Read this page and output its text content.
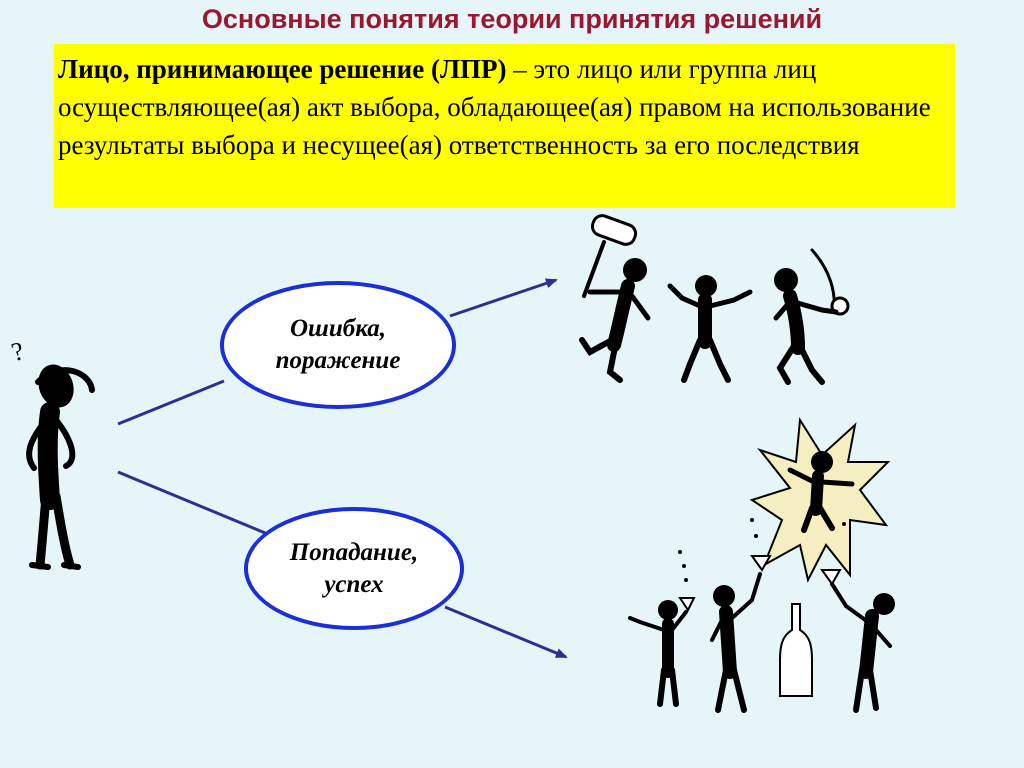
Основные понятия теории принятия решений
Лицо, принимающее решение (ЛПР) – это лицо или группа лиц осуществляющее(ая) акт выбора, обладающее(ая) правом на использование результаты выбора и несущее(ая) ответственность за его последствия
Ошибка,
поражение
Попадание,
успех
?
